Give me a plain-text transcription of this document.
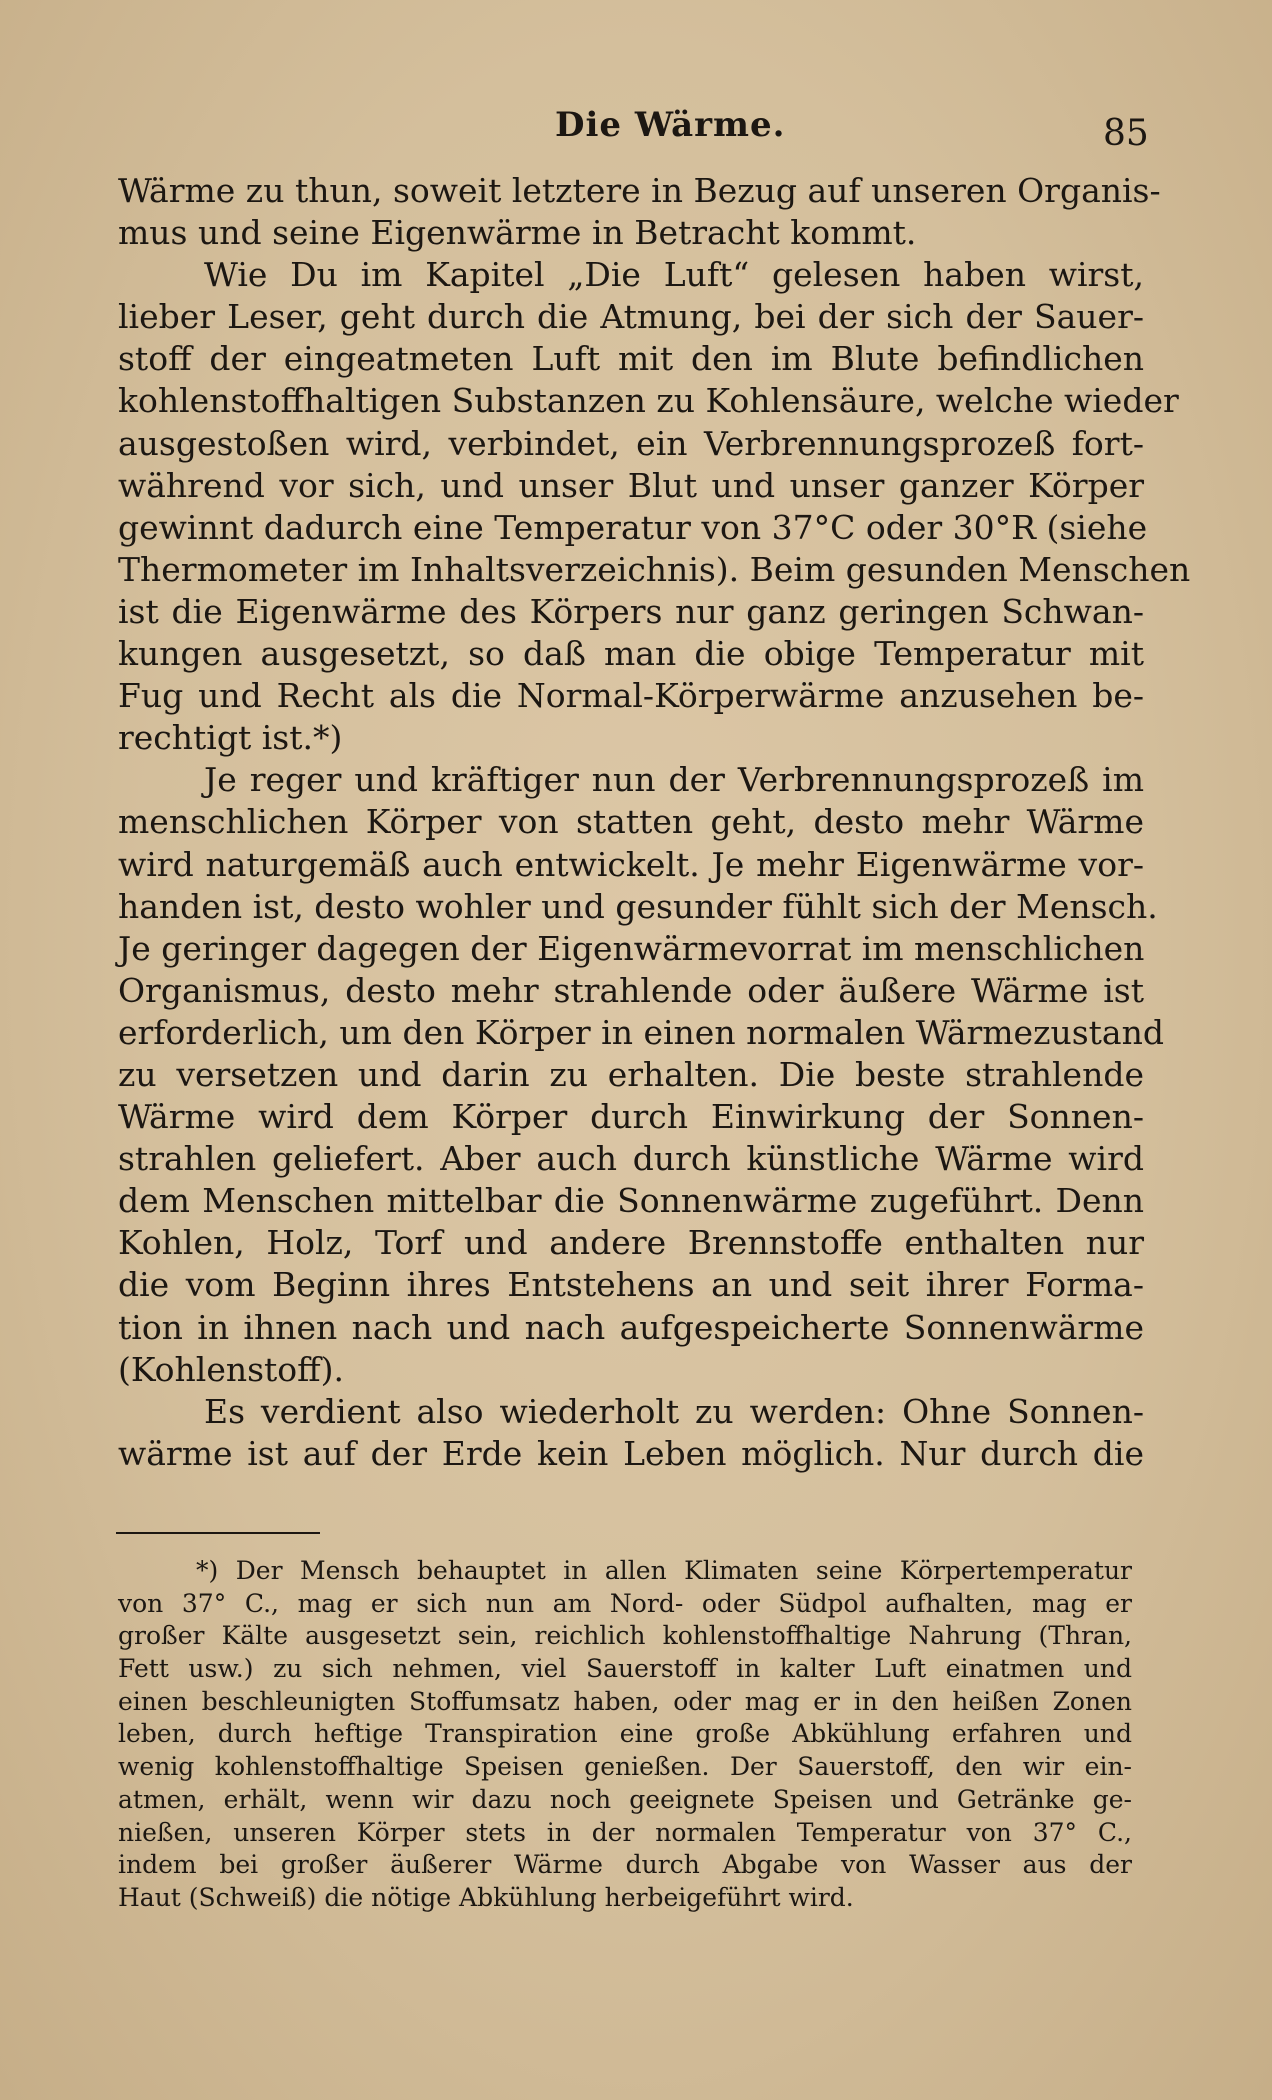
Die Wärme.	85
Wärme zu thun, soweit letztere in Bezug auf unseren Organis-
mus und seine Eigenwärme in Betracht kommt.
Wie Du im Kapitel „Die Luft“ gelesen haben wirst,
lieber Leser, geht durch die Atmung, bei der sich der Sauer-
stoff der eingeatmeten Luft mit den im Blute befindlichen
kohlenstoffhaltigen Substanzen zu Kohlensäure, welche wieder
ausgestoßen wird, verbindet, ein Verbrennungsprozeß fort-
während vor sich, und unser Blut und unser ganzer Körper
gewinnt dadurch eine Temperatur von 37°C oder 30°R (siehe
Thermometer im Inhaltsverzeichnis). Beim gesunden Menschen
ist die Eigenwärme des Körpers nur ganz geringen Schwan-
kungen ausgesetzt, so daß man die obige Temperatur mit
Fug und Recht als die Normal-Körperwärme anzusehen be-
rechtigt ist.*)
Je reger und kräftiger nun der Verbrennungsprozeß im
menschlichen Körper von statten geht, desto mehr Wärme
wird naturgemäß auch entwickelt. Je mehr Eigenwärme vor-
handen ist, desto wohler und gesunder fühlt sich der Mensch.
Je geringer dagegen der Eigenwärmevorrat im menschlichen
Organismus, desto mehr strahlende oder äußere Wärme ist
erforderlich, um den Körper in einen normalen Wärmezustand
zu versetzen und darin zu erhalten. Die beste strahlende
Wärme wird dem Körper durch Einwirkung der Sonnen-
strahlen geliefert. Aber auch durch künstliche Wärme wird
dem Menschen mittelbar die Sonnenwärme zugeführt. Denn
Kohlen, Holz, Torf und andere Brennstoffe enthalten nur
die vom Beginn ihres Entstehens an und seit ihrer Forma-
tion in ihnen nach und nach aufgespeicherte Sonnenwärme
(Kohlenstoff).
Es verdient also wiederholt zu werden: Ohne Sonnen-
wärme ist auf der Erde kein Leben möglich. Nur durch die
*) Der Mensch behauptet in allen Klimaten seine Körpertemperatur
von 37° C., mag er sich nun am Nord- oder Südpol aufhalten, mag er
großer Kälte ausgesetzt sein, reichlich kohlenstoffhaltige Nahrung (Thran,
Fett usw.) zu sich nehmen, viel Sauerstoff in kalter Luft einatmen und
einen beschleunigten Stoffumsatz haben, oder mag er in den heißen Zonen
leben, durch heftige Transpiration eine große Abkühlung erfahren und
wenig kohlenstoffhaltige Speisen genießen. Der Sauerstoff, den wir ein-
atmen, erhält, wenn wir dazu noch geeignete Speisen und Getränke ge-
nießen, unseren Körper stets in der normalen Temperatur von 37° C.,
indem bei großer äußerer Wärme durch Abgabe von Wasser aus der
Haut (Schweiß) die nötige Abkühlung herbeigeführt wird.
